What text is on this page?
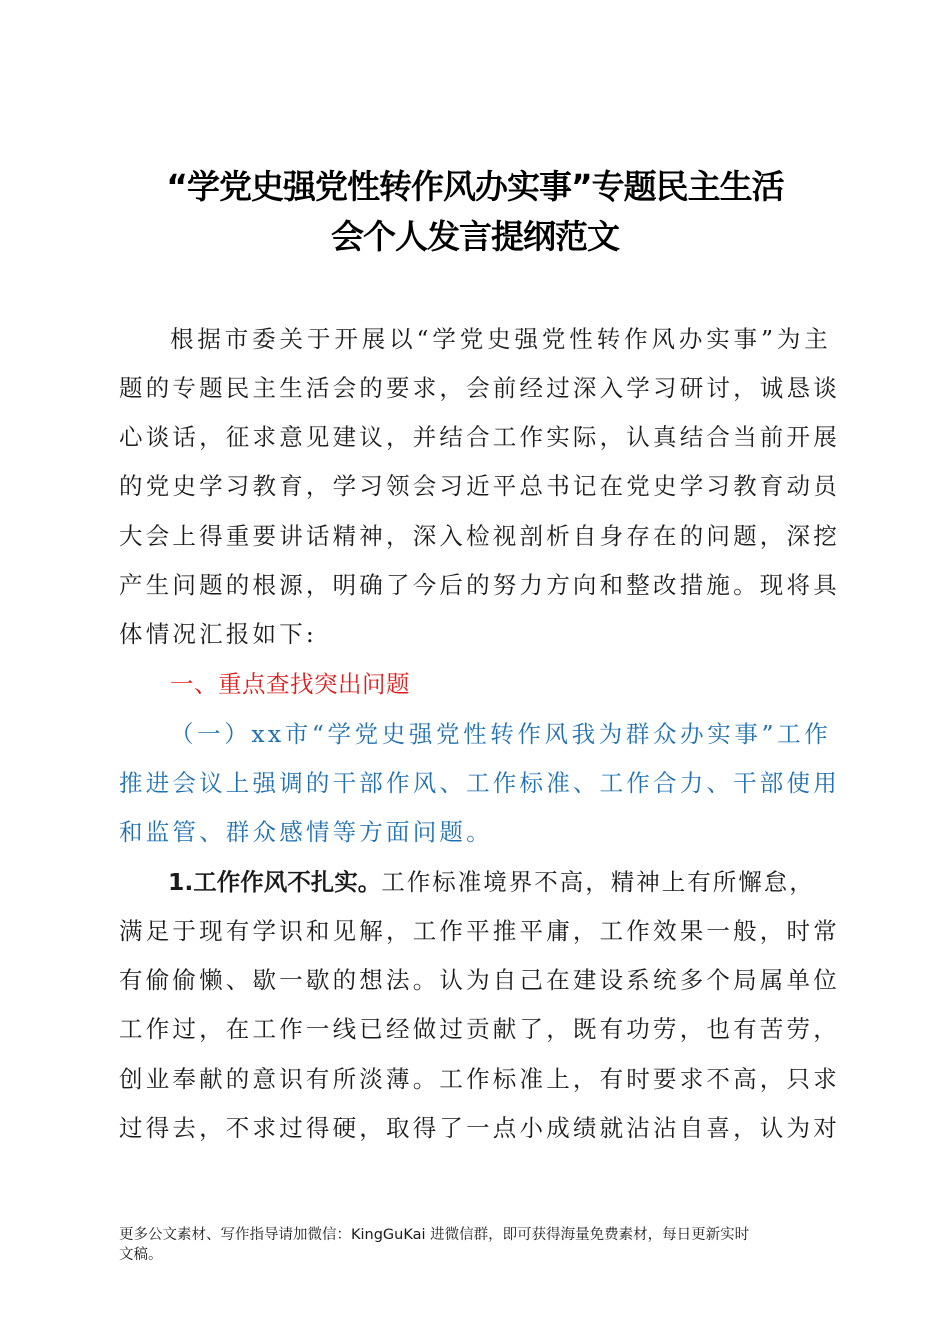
“学党史强党性转作风办实事”专题民主生活
会个人发言提纲范文
根据市委关于开展以“学党史强党性转作风办实事”为主
题的专题民主生活会的要求，会前经过深入学习研讨，诚恳谈
心谈话，征求意见建议，并结合工作实际，认真结合当前开展
的党史学习教育，学习领会习近平总书记在党史学习教育动员
大会上得重要讲话精神，深入检视剖析自身存在的问题，深挖
产生问题的根源，明确了今后的努力方向和整改措施。现将具
体情况汇报如下:
一、重点查找突出问题
（一）xx市“学党史强党性转作风我为群众办实事”工作
推进会议上强调的干部作风、工作标准、工作合力、干部使用
和监管、群众感情等方面问题。
1.工作作风不扎实。工作标准境界不高，精神上有所懈怠，
满足于现有学识和见解，工作平推平庸，工作效果一般，时常
有偷偷懒、歇一歇的想法。认为自己在建设系统多个局属单位
工作过，在工作一线已经做过贡献了，既有功劳，也有苦劳，
创业奉献的意识有所淡薄。工作标准上，有时要求不高，只求
过得去，不求过得硬，取得了一点小成绩就沾沾自喜，认为对
更多公文素材、写作指导请加微信：KingGuKai 进微信群，即可获得海量免费素材，每日更新实时
文稿。
